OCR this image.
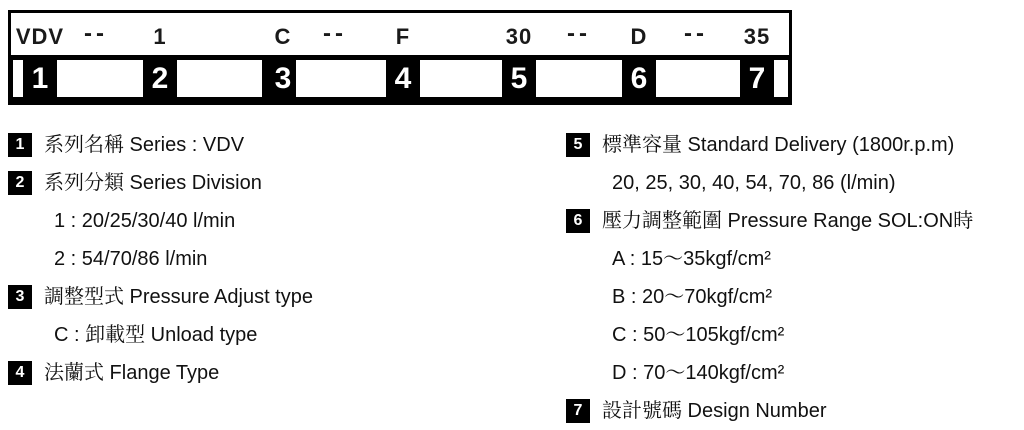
VDV -- 1	C -- F	30 -- D -- 35
1	2	3	4	5	6	7
1 系列名稱 Series : VDV
2 系列分類 Series Division
1 : 20/25/30/40 l/min
2 : 54/70/86 l/min
3 調整型式 Pressure Adjust type
C : 卸載型 Unload type
4 法蘭式 Flange Type
5 標準容量 Standard Delivery (1800r.p.m)
20, 25, 30, 40, 54, 70, 86 (l/min)
6 壓力調整範圍 Pressure Range SOL:ON時
A : 15～35kgf/cm²
B : 20～70kgf/cm²
C : 50～105kgf/cm²
D : 70～140kgf/cm²
7 設計號碼 Design Number
